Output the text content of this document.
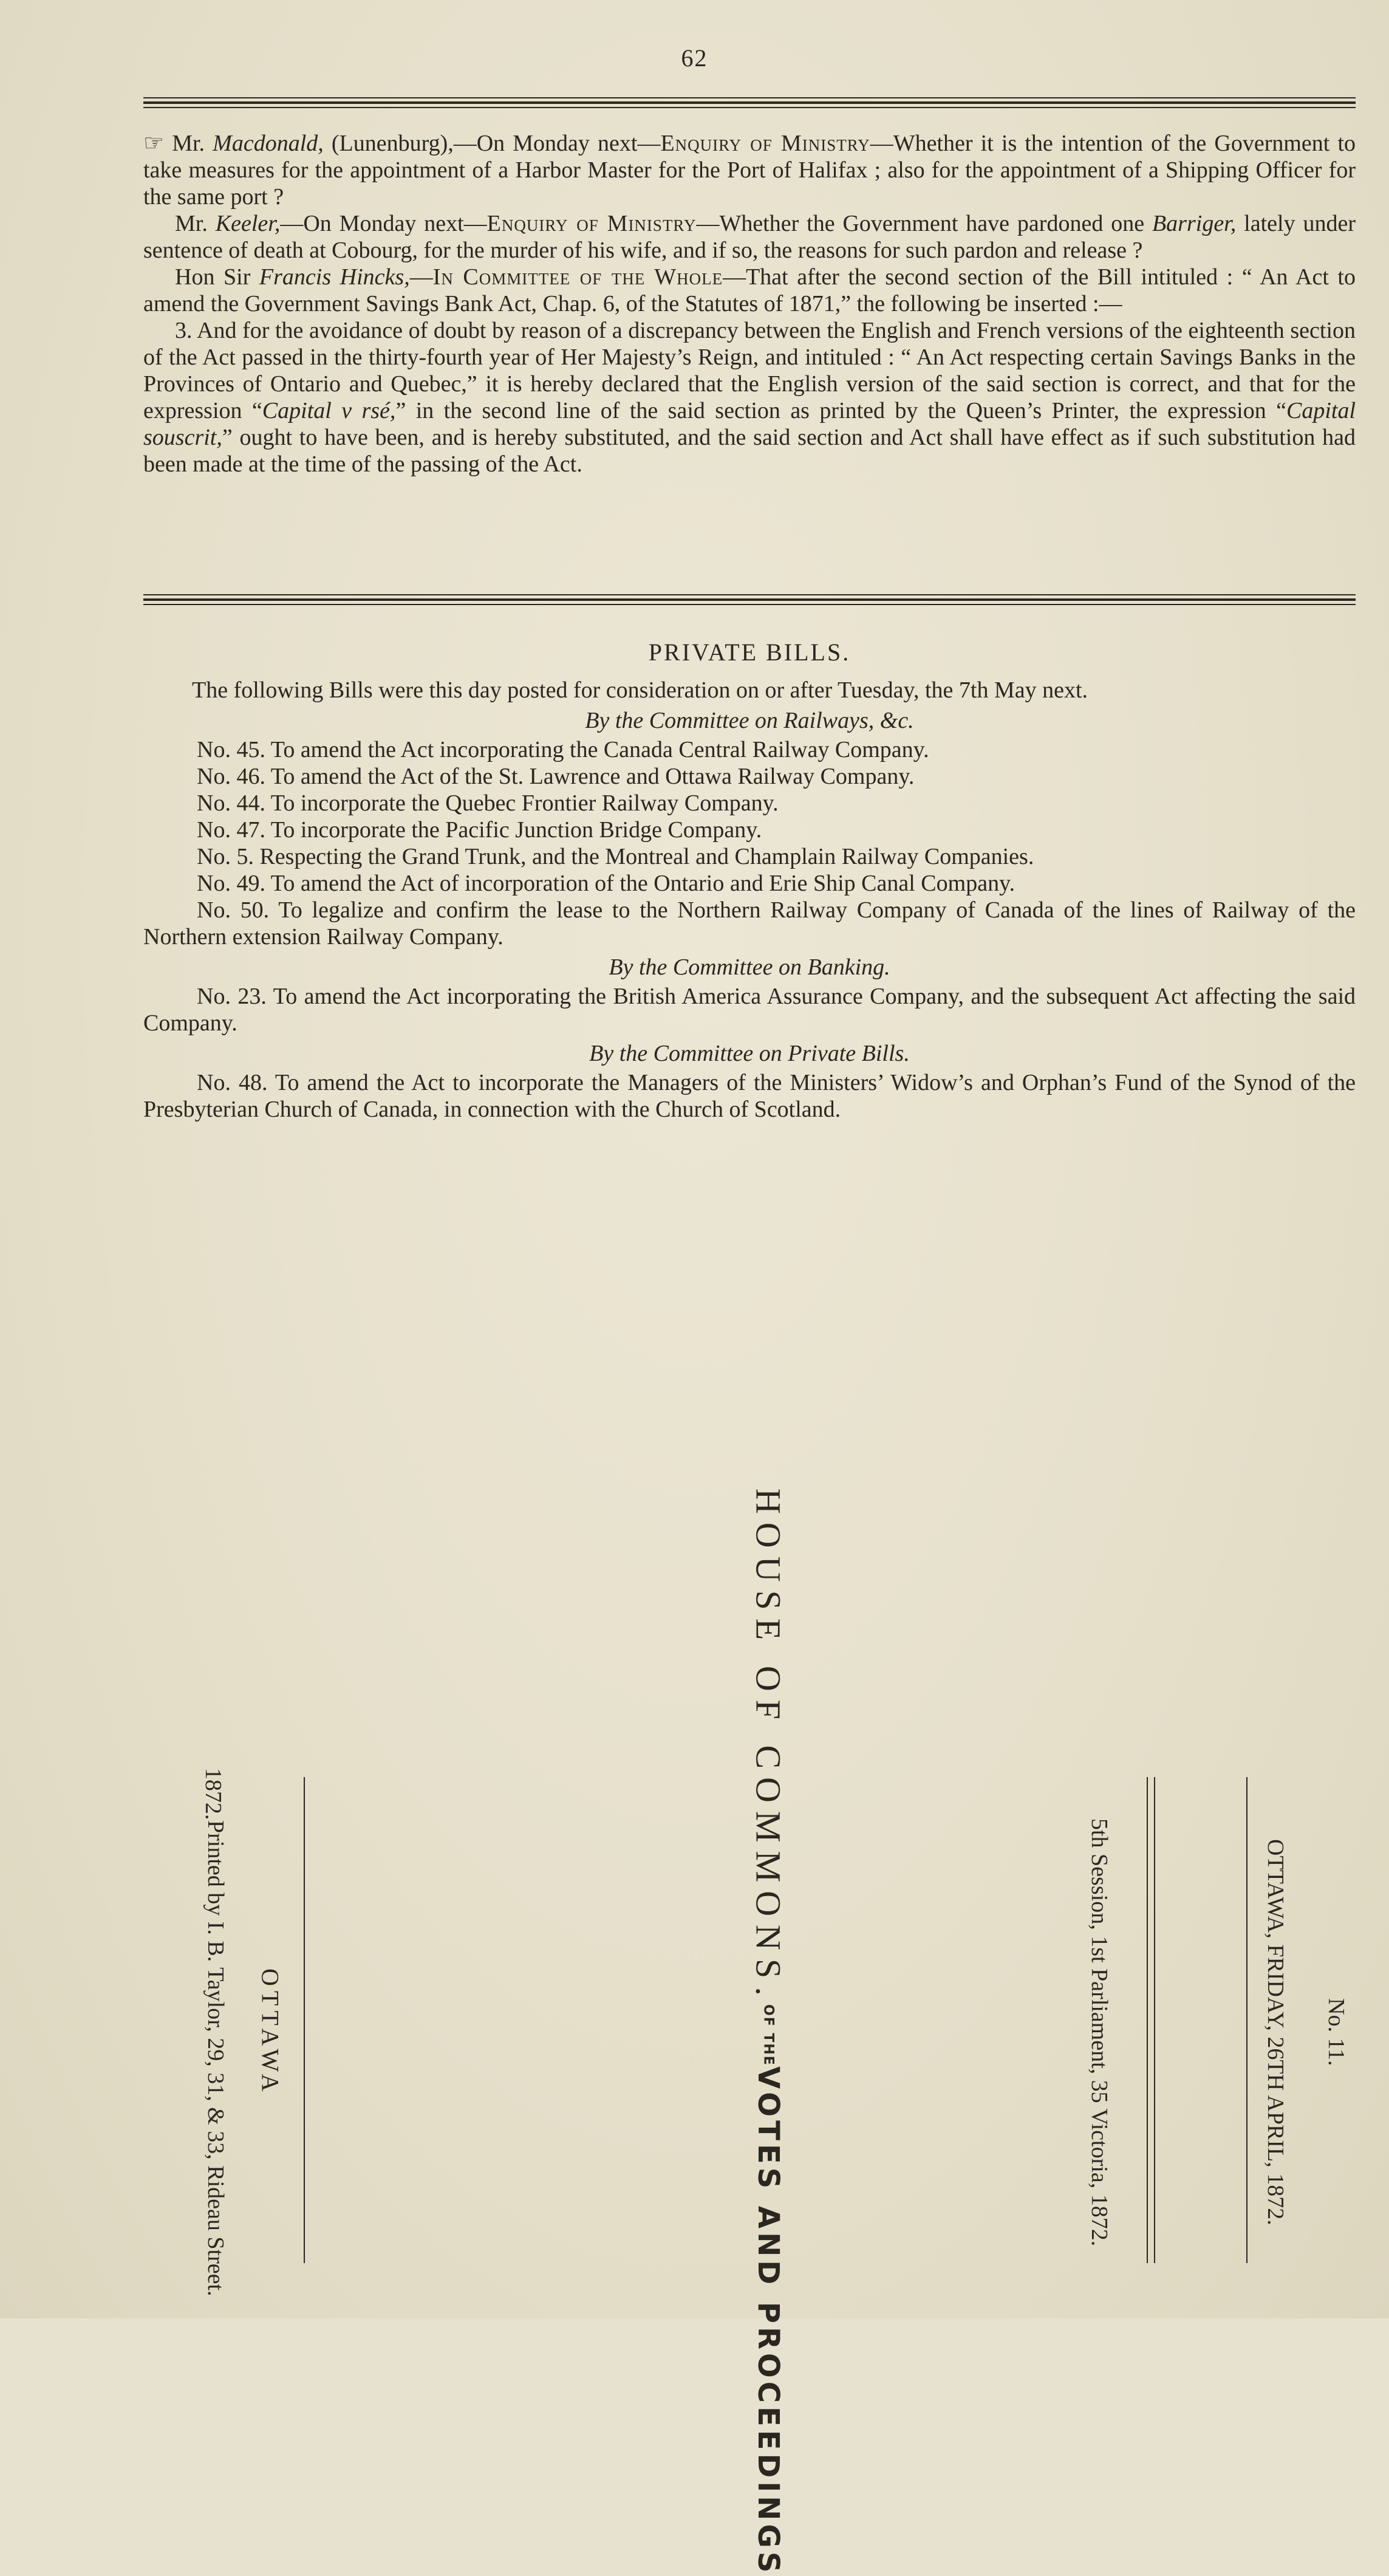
62

☞ Mr. Macdonald, (Lunenburg),—On Monday next—Enquiry of Ministry—Whether it is the intention of the Government to take measures for the appointment of a Harbor Master for the Port of Halifax ; also for the appointment of a Shipping Officer for the same port ?

Mr. Keeler,—On Monday next—Enquiry of Ministry—Whether the Government have pardoned one Barriger, lately under sentence of death at Cobourg, for the murder of his wife, and if so, the reasons for such pardon and release ?

Hon Sir Francis Hincks,—In Committee of the Whole—That after the second section of the Bill intituled : “ An Act to amend the Government Savings Bank Act, Chap. 6, of the Statutes of 1871,” the following be inserted :—

3. And for the avoidance of doubt by reason of a discrepancy between the English and French versions of the eighteenth section of the Act passed in the thirty-fourth year of Her Majesty’s Reign, and intituled : “ An Act respecting certain Savings Banks in the Provinces of Ontario and Quebec,” it is hereby declared that the English version of the said section is correct, and that for the expression “Capital v rsé,” in the second line of the said section as printed by the Queen’s Printer, the expression “Capital souscrit,” ought to have been, and is hereby substituted, and the said section and Act shall have effect as if such substitution had been made at the time of the passing of the Act.

PRIVATE BILLS.

The following Bills were this day posted for consideration on or after Tuesday, the 7th May next.

By the Committee on Railways, &c.

No. 45. To amend the Act incorporating the Canada Central Railway Company.

No. 46. To amend the Act of the St. Lawrence and Ottawa Railway Company.

No. 44. To incorporate the Quebec Frontier Railway Company.

No. 47. To incorporate the Pacific Junction Bridge Company.

No. 5. Respecting the Grand Trunk, and the Montreal and Champlain Railway Companies.

No. 49. To amend the Act of incorporation of the Ontario and Erie Ship Canal Company.

No. 50. To legalize and confirm the lease to the Northern Railway Company of Canada of the lines of Railway of the Northern extension Railway Company.

By the Committee on Banking.

No. 23. To amend the Act incorporating the British America Assurance Company, and the subsequent Act affecting the said Company.

By the Committee on Private Bills.

No. 48. To amend the Act to incorporate the Managers of the Ministers’ Widow’s and Orphan’s Fund of the Synod of the Presbyterian Church of Canada, in connection with the Church of Scotland.

No. 11.
OTTAWA, FRIDAY, 26TH APRIL, 1872.
5th Session, 1st Parliament, 35 Victoria, 1872.
VOTES AND PROCEEDINGS
OF THE
HOUSE OF COMMONS.
OTTAWA
Printed by I. B. Taylor, 29, 31, & 33, Rideau Street.
1872.
